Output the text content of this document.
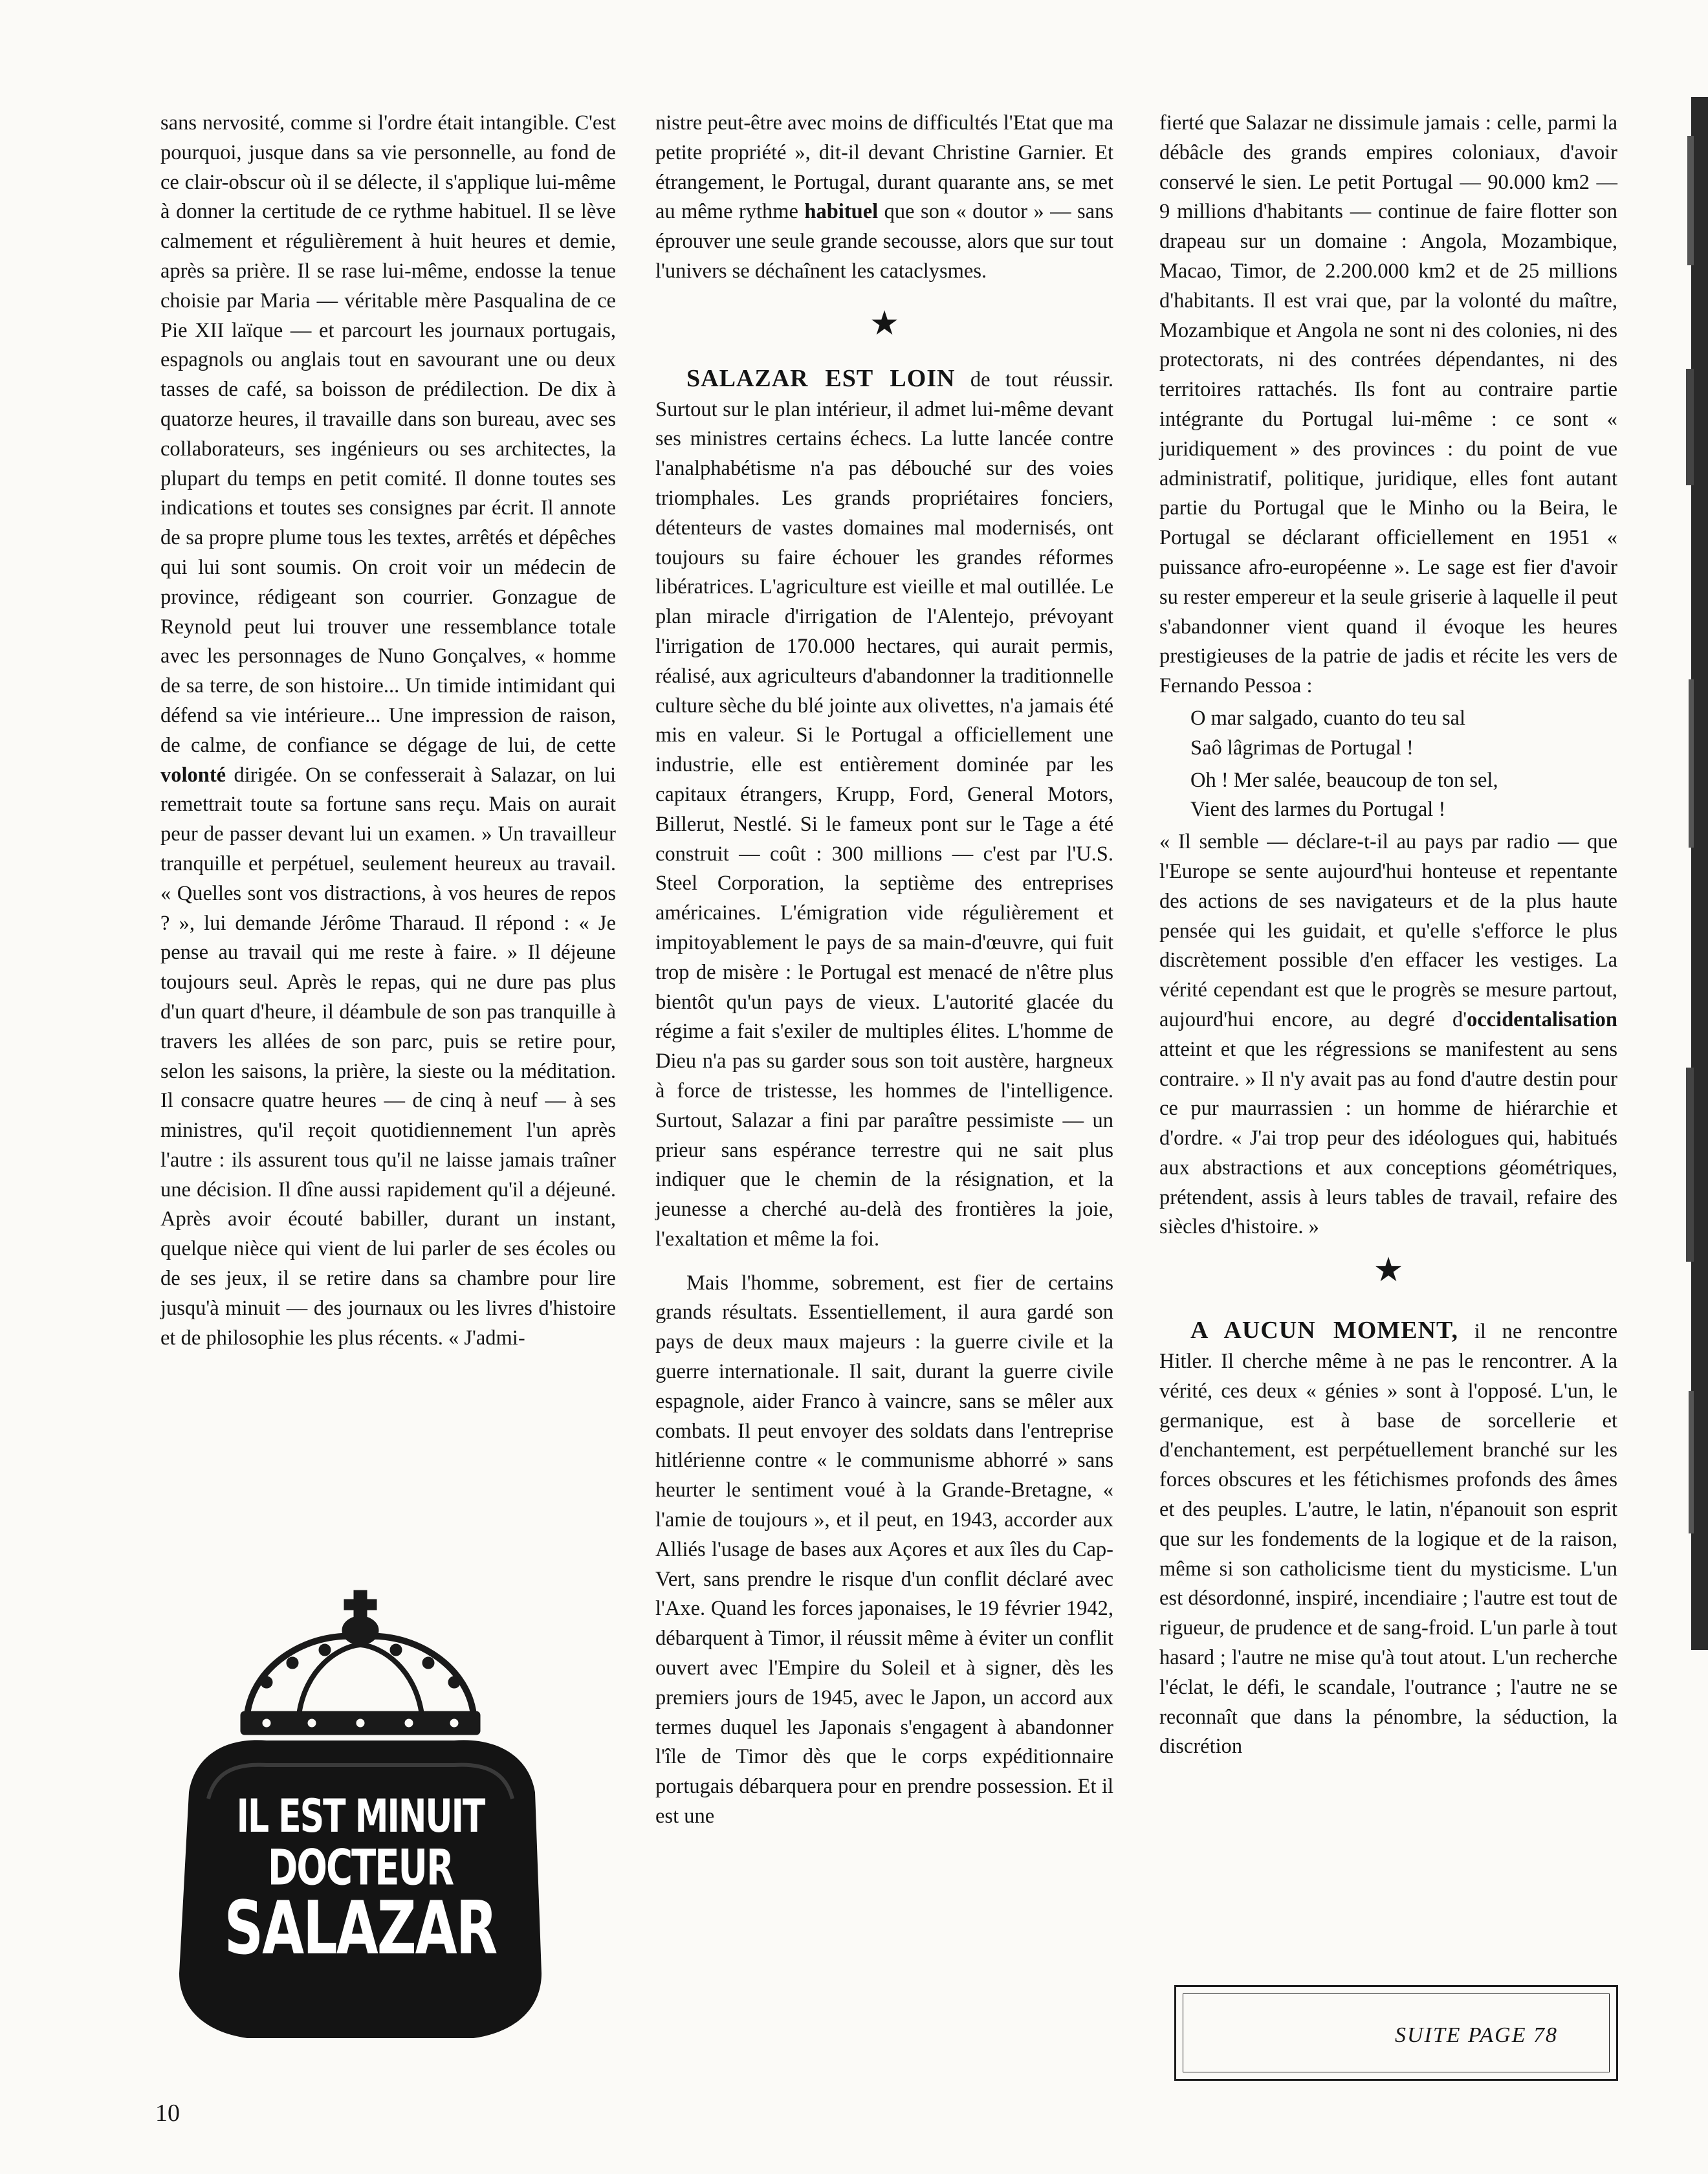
sans nervosité, comme si l'ordre était intangible. C'est pourquoi, jusque dans sa vie personnelle, au fond de ce clair-obscur où il se délecte, il s'applique lui-même à donner la certitude de ce rythme habituel. Il se lève calmement et régulièrement à huit heures et demie, après sa prière. Il se rase lui-même, endosse la tenue choisie par Maria — véritable mère Pasqualina de ce Pie XII laïque — et parcourt les journaux portugais, espagnols ou anglais tout en savourant une ou deux tasses de café, sa boisson de prédilection. De dix à quatorze heures, il travaille dans son bureau, avec ses collaborateurs, ses ingénieurs ou ses architectes, la plupart du temps en petit comité. Il donne toutes ses indications et toutes ses consignes par écrit. Il annote de sa propre plume tous les textes, arrêtés et dépêches qui lui sont soumis. On croit voir un médecin de province, rédigeant son courrier. Gonzague de Reynold peut lui trouver une ressemblance totale avec les personnages de Nuno Gonçalves, « homme de sa terre, de son histoire... Un timide intimidant qui défend sa vie intérieure... Une impression de raison, de calme, de confiance se dégage de lui, de cette volonté dirigée. On se confesserait à Salazar, on lui remettrait toute sa fortune sans reçu. Mais on aurait peur de passer devant lui un examen. » Un travailleur tranquille et perpétuel, seulement heureux au travail. « Quelles sont vos distractions, à vos heures de repos ? », lui demande Jérôme Tharaud. Il répond : « Je pense au travail qui me reste à faire. » Il déjeune toujours seul. Après le repas, qui ne dure pas plus d'un quart d'heure, il déambule de son pas tranquille à travers les allées de son parc, puis se retire pour, selon les saisons, la prière, la sieste ou la méditation. Il consacre quatre heures — de cinq à neuf — à ses ministres, qu'il reçoit quotidiennement l'un après l'autre : ils assurent tous qu'il ne laisse jamais traîner une décision. Il dîne aussi rapidement qu'il a déjeuné. Après avoir écouté babiller, durant un instant, quelque nièce qui vient de lui parler de ses écoles ou de ses jeux, il se retire dans sa chambre pour lire jusqu'à minuit — des journaux ou les livres d'histoire et de philosophie les plus récents. « J'admi-

nistre peut-être avec moins de difficultés l'Etat que ma petite propriété », dit-il devant Christine Garnier. Et étrangement, le Portugal, durant quarante ans, se met au même rythme habituel que son « doutor » — sans éprouver une seule grande secousse, alors que sur tout l'univers se déchaînent les cataclysmes.

★

SALAZAR EST LOIN de tout réussir. Surtout sur le plan intérieur, il admet lui-même devant ses ministres certains échecs. La lutte lancée contre l'analphabétisme n'a pas débouché sur des voies triomphales. Les grands propriétaires fonciers, détenteurs de vastes domaines mal modernisés, ont toujours su faire échouer les grandes réformes libératrices. L'agriculture est vieille et mal outillée. Le plan miracle d'irrigation de l'Alentejo, prévoyant l'irrigation de 170.000 hectares, qui aurait permis, réalisé, aux agriculteurs d'abandonner la traditionnelle culture sèche du blé jointe aux olivettes, n'a jamais été mis en valeur. Si le Portugal a officiellement une industrie, elle est entièrement dominée par les capitaux étrangers, Krupp, Ford, General Motors, Billerut, Nestlé. Si le fameux pont sur le Tage a été construit — coût : 300 millions — c'est par l'U.S. Steel Corporation, la septième des entreprises américaines. L'émigration vide régulièrement et impitoyablement le pays de sa main-d'œuvre, qui fuit trop de misère : le Portugal est menacé de n'être plus bientôt qu'un pays de vieux. L'autorité glacée du régime a fait s'exiler de multiples élites. L'homme de Dieu n'a pas su garder sous son toit austère, hargneux à force de tristesse, les hommes de l'intelligence. Surtout, Salazar a fini par paraître pessimiste — un prieur sans espérance terrestre qui ne sait plus indiquer que le chemin de la résignation, et la jeunesse a cherché au-delà des frontières la joie, l'exaltation et même la foi.

Mais l'homme, sobrement, est fier de certains grands résultats. Essentiellement, il aura gardé son pays de deux maux majeurs : la guerre civile et la guerre internationale. Il sait, durant la guerre civile espagnole, aider Franco à vaincre, sans se mêler aux combats. Il peut envoyer des soldats dans l'entreprise hitlérienne contre « le communisme abhorré » sans heurter le sentiment voué à la Grande-Bretagne, « l'amie de toujours », et il peut, en 1943, accorder aux Alliés l'usage de bases aux Açores et aux îles du Cap-Vert, sans prendre le risque d'un conflit déclaré avec l'Axe. Quand les forces japonaises, le 19 février 1942, débarquent à Timor, il réussit même à éviter un conflit ouvert avec l'Empire du Soleil et à signer, dès les premiers jours de 1945, avec le Japon, un accord aux termes duquel les Japonais s'engagent à abandonner l'île de Timor dès que le corps expéditionnaire portugais débarquera pour en prendre possession. Et il est une

fierté que Salazar ne dissimule jamais : celle, parmi la débâcle des grands empires coloniaux, d'avoir conservé le sien. Le petit Portugal — 90.000 km2 — 9 millions d'habitants — continue de faire flotter son drapeau sur un domaine : Angola, Mozambique, Macao, Timor, de 2.200.000 km2 et de 25 millions d'habitants. Il est vrai que, par la volonté du maître, Mozambique et Angola ne sont ni des colonies, ni des protectorats, ni des contrées dépendantes, ni des territoires rattachés. Ils font au contraire partie intégrante du Portugal lui-même : ce sont « juridiquement » des provinces : du point de vue administratif, politique, juridique, elles font autant partie du Portugal que le Minho ou la Beira, le Portugal se déclarant officiellement en 1951 « puissance afro-européenne ». Le sage est fier d'avoir su rester empereur et la seule griserie à laquelle il peut s'abandonner vient quand il évoque les heures prestigieuses de la patrie de jadis et récite les vers de Fernando Pessoa :

O mar salgado, cuanto do teu sal
Saô lâgrimas de Portugal !

Oh ! Mer salée, beaucoup de ton sel,
Vient des larmes du Portugal !

« Il semble — déclare-t-il au pays par radio — que l'Europe se sente aujourd'hui honteuse et repentante des actions de ses navigateurs et de la plus haute pensée qui les guidait, et qu'elle s'efforce le plus discrètement possible d'en effacer les vestiges. La vérité cependant est que le progrès se mesure partout, aujourd'hui encore, au degré d'occidentalisation atteint et que les régressions se manifestent au sens contraire. » Il n'y avait pas au fond d'autre destin pour ce pur maurrassien : un homme de hiérarchie et d'ordre. « J'ai trop peur des idéologues qui, habitués aux abstractions et aux conceptions géométriques, prétendent, assis à leurs tables de travail, refaire des siècles d'histoire. »

★

A AUCUN MOMENT, il ne rencontre Hitler. Il cherche même à ne pas le rencontrer. A la vérité, ces deux « génies » sont à l'opposé. L'un, le germanique, est à base de sorcellerie et d'enchantement, est perpétuellement branché sur les forces obscures et les fétichismes profonds des âmes et des peuples. L'autre, le latin, n'épanouit son esprit que sur les fondements de la logique et de la raison, même si son catholicisme tient du mysticisme. L'un est désordonné, inspiré, incendiaire ; l'autre est tout de rigueur, de prudence et de sang-froid. L'un parle à tout hasard ; l'autre ne mise qu'à tout atout. L'un recherche l'éclat, le défi, le scandale, l'outrance ; l'autre ne se reconnaît que dans la pénombre, la séduction, la discrétion

IL EST MINUIT
DOCTEUR
SALAZAR
SUITE PAGE 78
10
